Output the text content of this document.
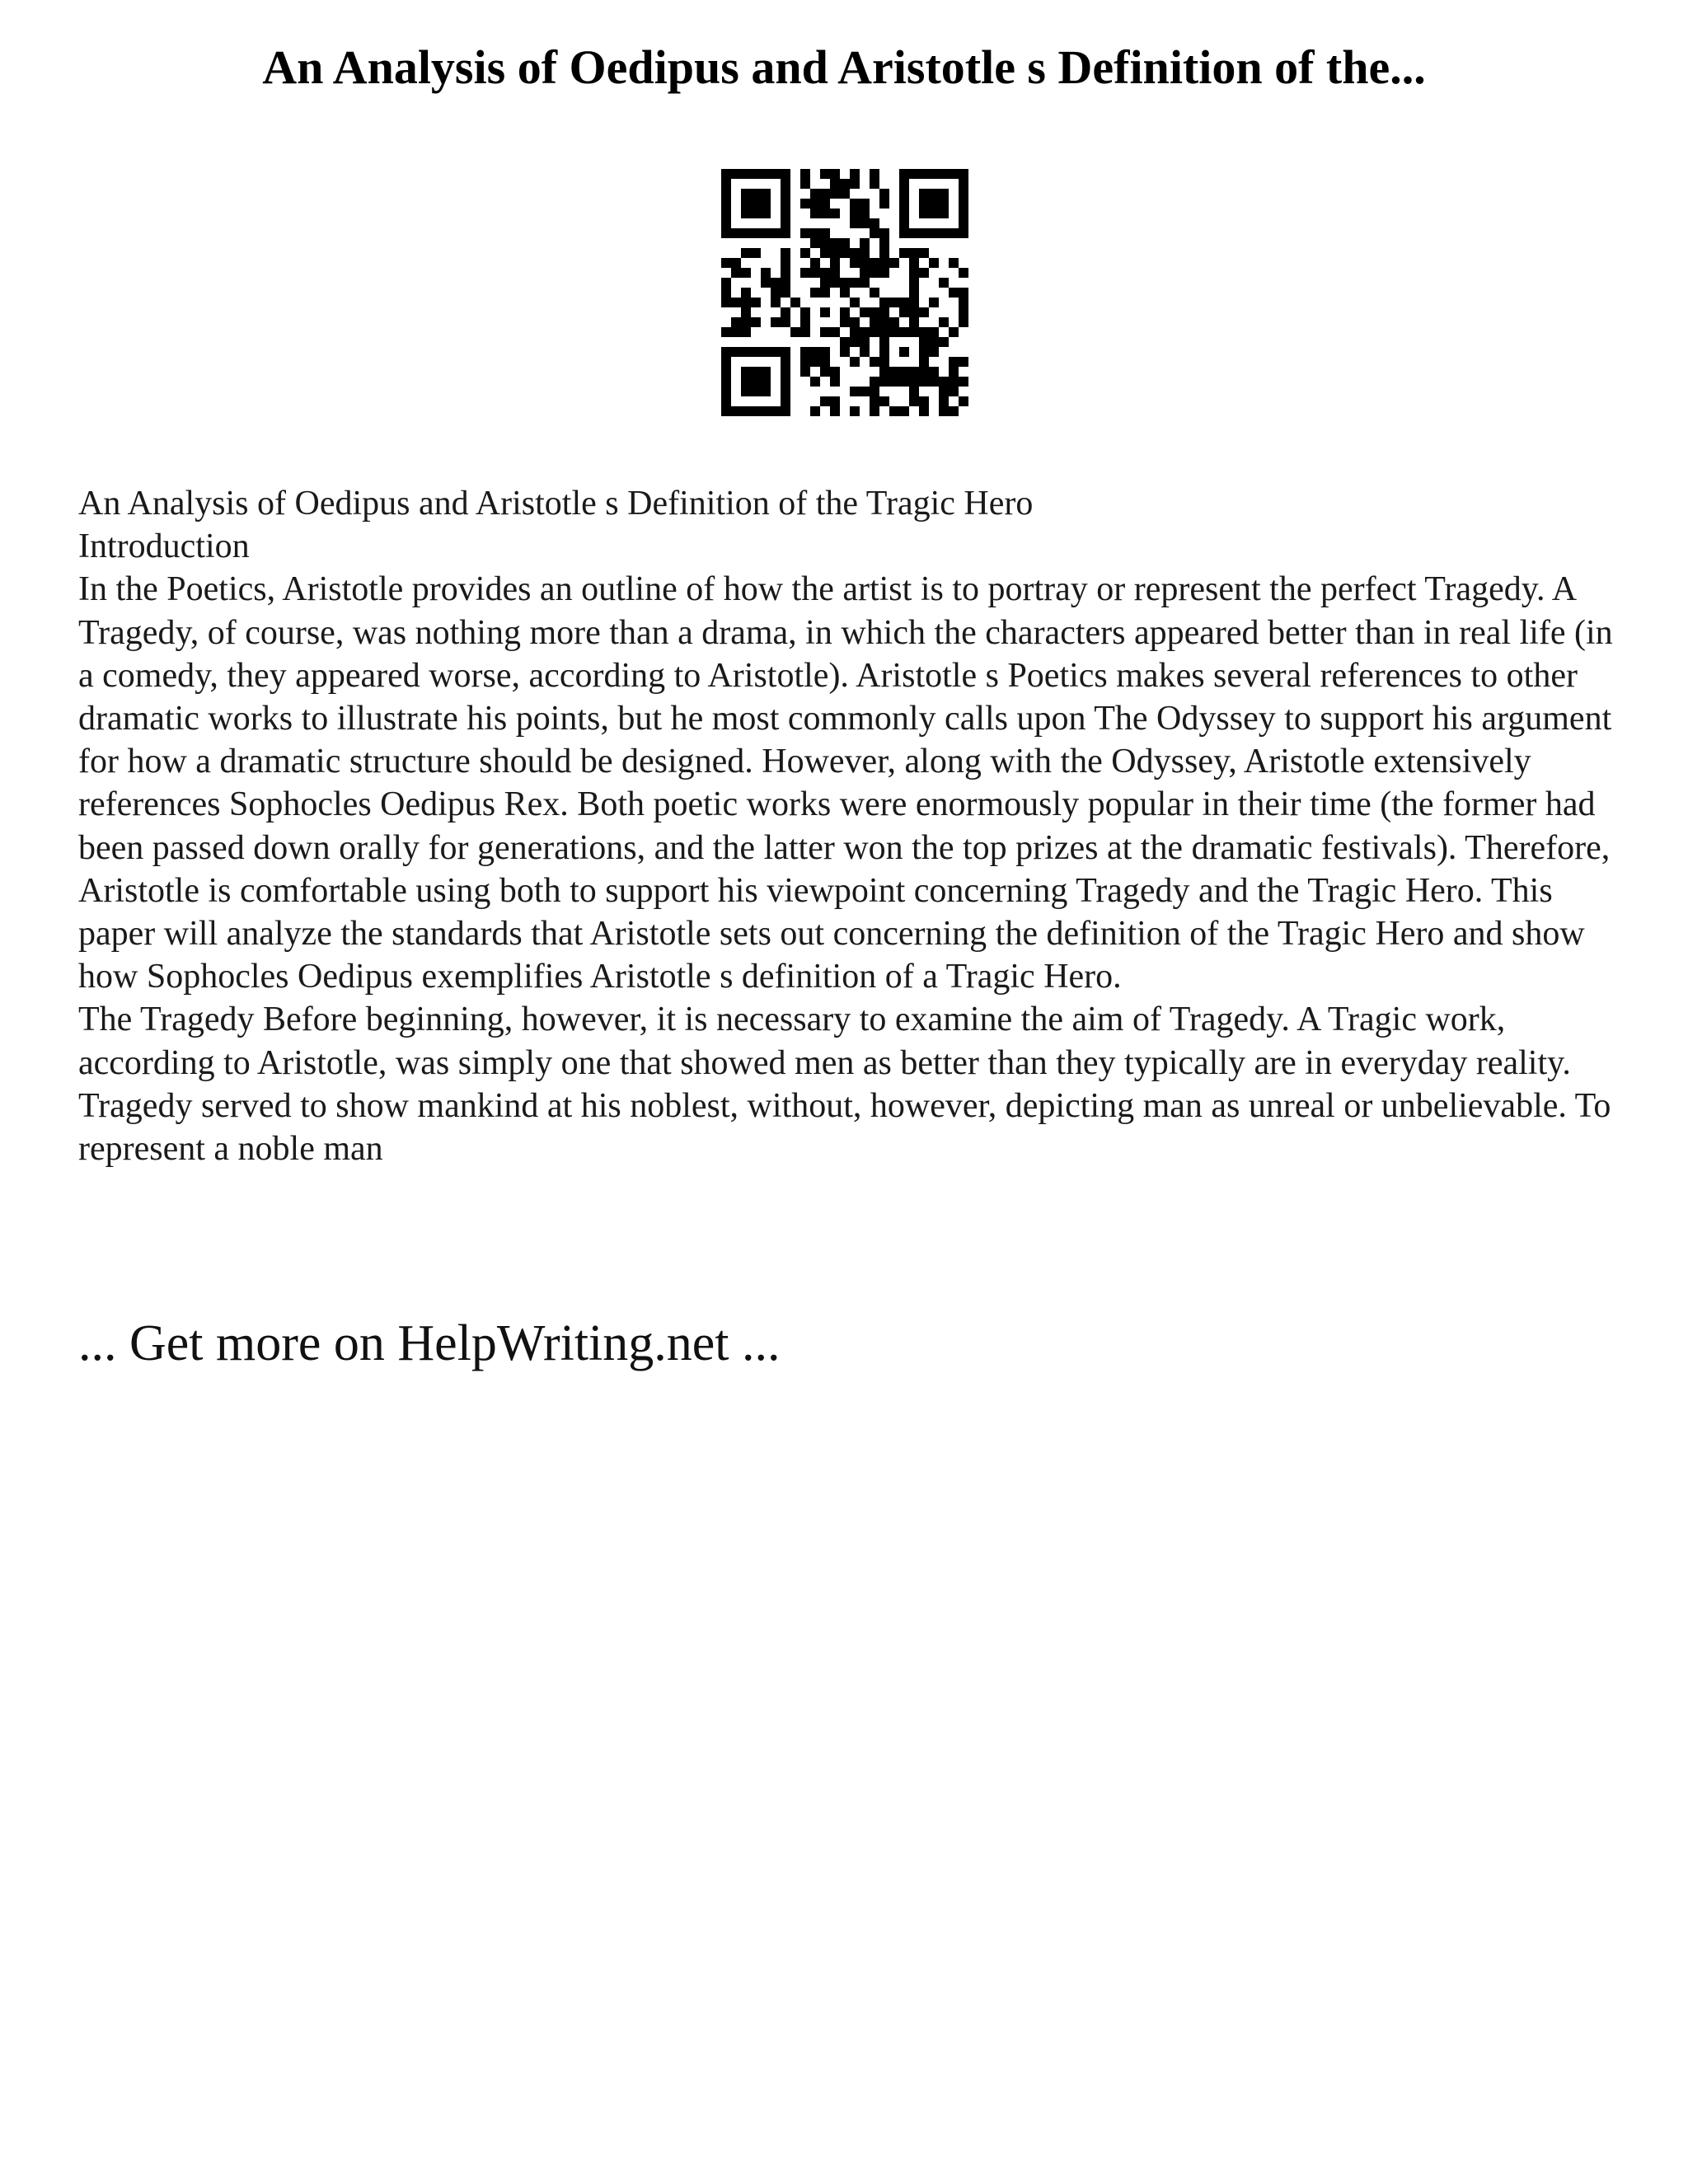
An Analysis of Oedipus and Aristotle s Definition of the...

An Analysis of Oedipus and Aristotle s Definition of the Tragic Hero

Introduction

In the Poetics, Aristotle provides an outline of how the artist is to portray or represent the perfect Tragedy. A Tragedy, of course, was nothing more than a drama, in which the characters appeared better than in real life (in a comedy, they appeared worse, according to Aristotle). Aristotle s Poetics makes several references to other dramatic works to illustrate his points, but he most commonly calls upon The Odyssey to support his argument for how a dramatic structure should be designed. However, along with the Odyssey, Aristotle extensively references Sophocles Oedipus Rex. Both poetic works were enormously popular in their time (the former had been passed down orally for generations, and the latter won the top prizes at the dramatic festivals). Therefore, Aristotle is comfortable using both to support his viewpoint concerning Tragedy and the Tragic Hero. This paper will analyze the standards that Aristotle sets out concerning the definition of the Tragic Hero and show how Sophocles Oedipus exemplifies Aristotle s definition of a Tragic Hero.

The Tragedy Before beginning, however, it is necessary to examine the aim of Tragedy. A Tragic work, according to Aristotle, was simply one that showed men as better than they typically are in everyday reality. Tragedy served to show mankind at his noblest, without, however, depicting man as unreal or unbelievable. To represent a noble man

... Get more on HelpWriting.net ...
